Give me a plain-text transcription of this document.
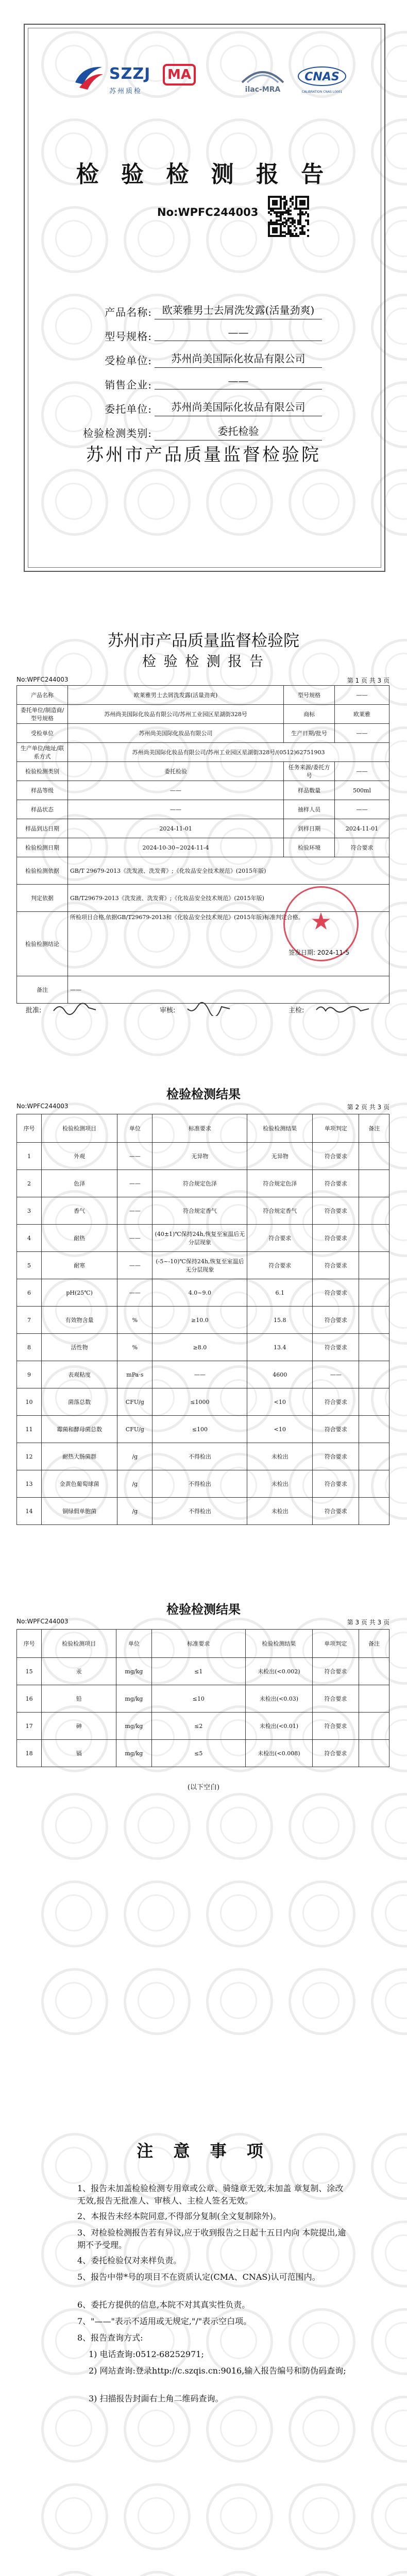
SZZJ	MA
苏州质检	ilac-MRA
CNAS
CALIBRATION CNAS L0001
检 验 检 测 报 告
No:WPFC244003
产品名称: 欧莱雅男士去屑洗发露(活量劲爽)
型号规格:	——
受检单位:	苏州尚美国际化妆品有限公司
销售企业:	——
委托单位:	苏州尚美国际化妆品有限公司
检验检测类别:	委托检验
苏州市产品质量监督检验院
苏州市产品质量监督检验院
检 验 检 测 报 告
No:WPFC244003	第 1 页 共 3 页
产品名称	欧莱雅男士去屑洗发露(活量劲爽)	型号规格	——
委托单位/制造商/型号规格	苏州尚美国际化妆品有限公司/苏州工业园区星湖街328号	商标	欧莱雅
受检单位	苏州尚美国际化妆品有限公司	生产日期/批号	——
生产单位/地址/联系方式	苏州尚美国际化妆品有限公司/苏州工业园区星湖街328号/(0512)62751903		
检验检测类别	委托检验	任务来源/委托方号	——
样品等级	——	样品数量	500ml
样品状态	——	抽样人员	——
样品到达日期	2024-11-01	到样日期	2024-11-01
检验检测日期	2024-10-30~2024-11-4	检验环境	符合要求
检验检测依据	GB/T 29679-2013《洗发液、洗发膏》;《化妆品安全技术规范》(2015年版)		
判定依据	GB/T29679-2013《洗发液、洗发膏》;《化妆品安全技术规范》(2015年版)		
检验检测结论	所检项目合格,依据GB/T29679-2013和《化妆品安全技术规范》(2015年版)标准判定合格。		
备注	——		
★
签发日期: 2024-11-5
批准:	审核:	主检:
No:WPFC244003	第 2 页 共 3 页
检验检测结果
序号	检验检测项目	单位	标准要求	检验检测结果	单项判定	备注
1	外观	——	无异物	无异物	符合要求	
2	色泽	——	符合规定色泽	符合规定色泽	符合要求	
3	香气	——	符合规定香气	符合规定香气	符合要求	
4	耐热	——	(40±1)℃保持24h,恢复至室温后无分层现象	符合要求	符合要求	
5	耐寒	——	(-5~-10)℃保持24h,恢复至室温后无分层现象	符合要求	符合要求	
6	pH(25℃)	——	4.0~9.0	6.1	符合要求	
7	有效物含量	%	≥10.0	15.8	符合要求	
8	活性物	%	≥8.0	13.4	符合要求	
9	表观粘度	mPa·s	——	4600	——	
10	菌落总数	CFU/g	≤1000	<10	符合要求	
11	霉菌和酵母菌总数	CFU/g	≤100	<10	符合要求	
12	耐热大肠菌群	/g	不得检出	未检出	符合要求	
13	金黄色葡萄球菌	/g	不得检出	未检出	符合要求	
14	铜绿假单胞菌	/g	不得检出	未检出	符合要求	
No:WPFC244003	第 3 页 共 3 页
检验检测结果
序号	检验检测项目	单位	标准要求	检验检测结果	单项判定	备注
15	汞	mg/kg	≤1	未检出(<0.002)	符合要求	
16	铅	mg/kg	≤10	未检出(<0.03)	符合要求	
17	砷	mg/kg	≤2	未检出(<0.01)	符合要求	
18	镉	mg/kg	≤5	未检出(<0.008)	符合要求	
(以下空白)
注 意 事 项
1、报告未加盖检验检测专用章或公章、骑缝章无效,未加盖 章复制、涂改无效,报告无批准人、审核人、主检人签名无效。
2、本报告未经本院同意,不得部分复制(全文复制除外)。
3、对检验检测报告若有异议,应于收到报告之日起十五日内向 本院提出,逾期不予受理。
4、委托检验仅对来样负责。
5、报告中带*号的项目不在资质认定(CMA、CNAS)认可范围内。
6、委托方提供的信息,本院不对其真实性负责。
7、"——"表示不适用或无规定,"/"表示空白项。
8、报告查询方式:
1) 电话查询:0512-68252971;
2) 网站查询:登录http://c.szqis.cn:9016,输入报告编号和防伪码查询;
3) 扫描报告封面右上角二维码查询。
